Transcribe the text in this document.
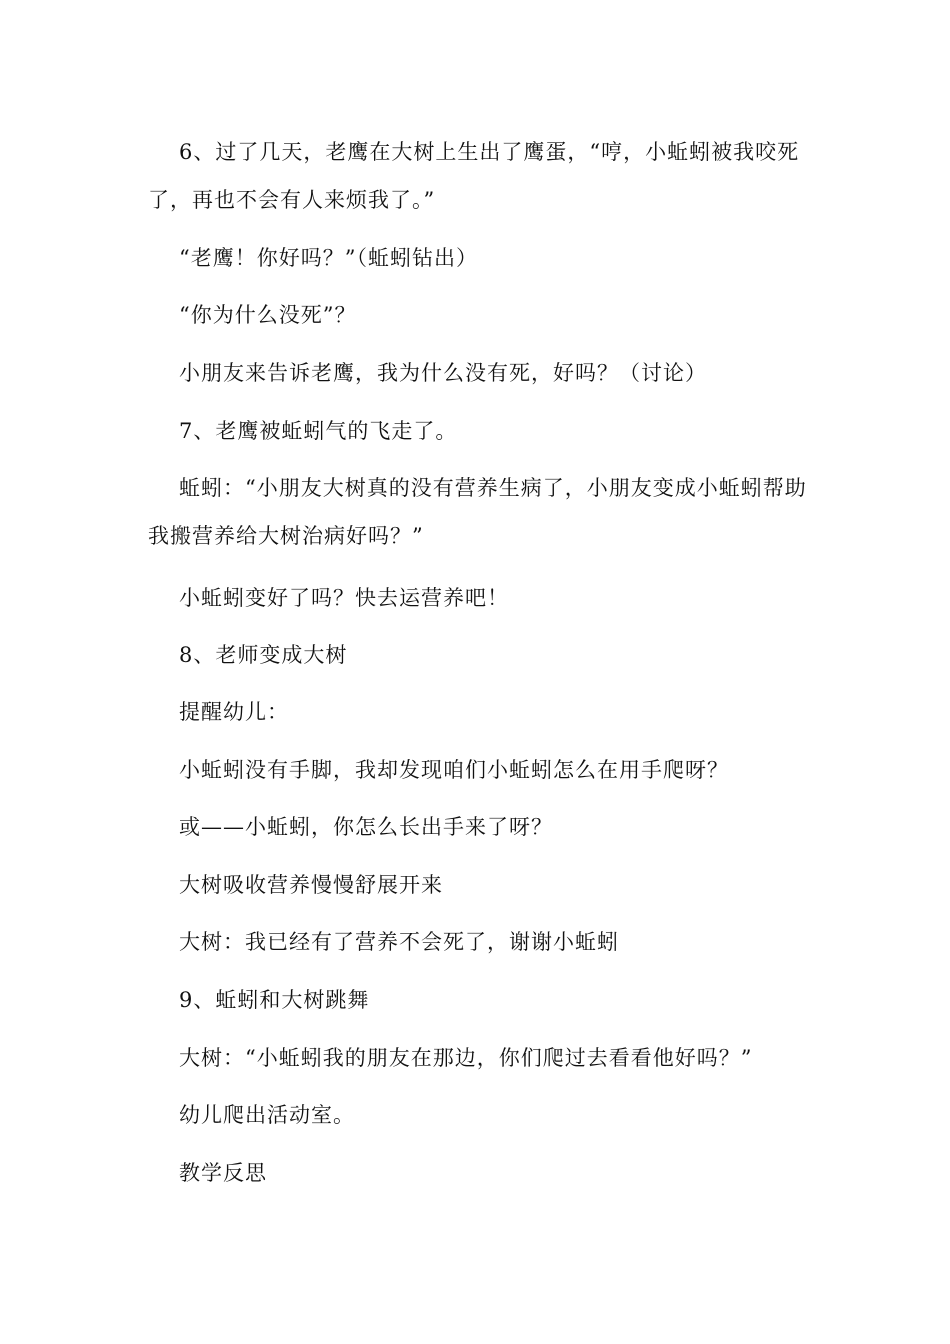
6、过了几天，老鹰在大树上生出了鹰蛋，“哼，小蚯蚓被我咬死了，再也不会有人来烦我了。”

“老鹰！你好吗？”（蚯蚓钻出）

“你为什么没死”？

小朋友来告诉老鹰，我为什么没有死，好吗？（讨论）

7、老鹰被蚯蚓气的飞走了。

蚯蚓：“小朋友大树真的没有营养生病了，小朋友变成小蚯蚓帮助我搬营养给大树治病好吗？”

小蚯蚓变好了吗？快去运营养吧！

8、老师变成大树

提醒幼儿：

小蚯蚓没有手脚，我却发现咱们小蚯蚓怎么在用手爬呀？

或——小蚯蚓，你怎么长出手来了呀？

大树吸收营养慢慢舒展开来

大树：我已经有了营养不会死了，谢谢小蚯蚓

9、蚯蚓和大树跳舞

大树：“小蚯蚓我的朋友在那边，你们爬过去看看他好吗？”

幼儿爬出活动室。

教学反思
